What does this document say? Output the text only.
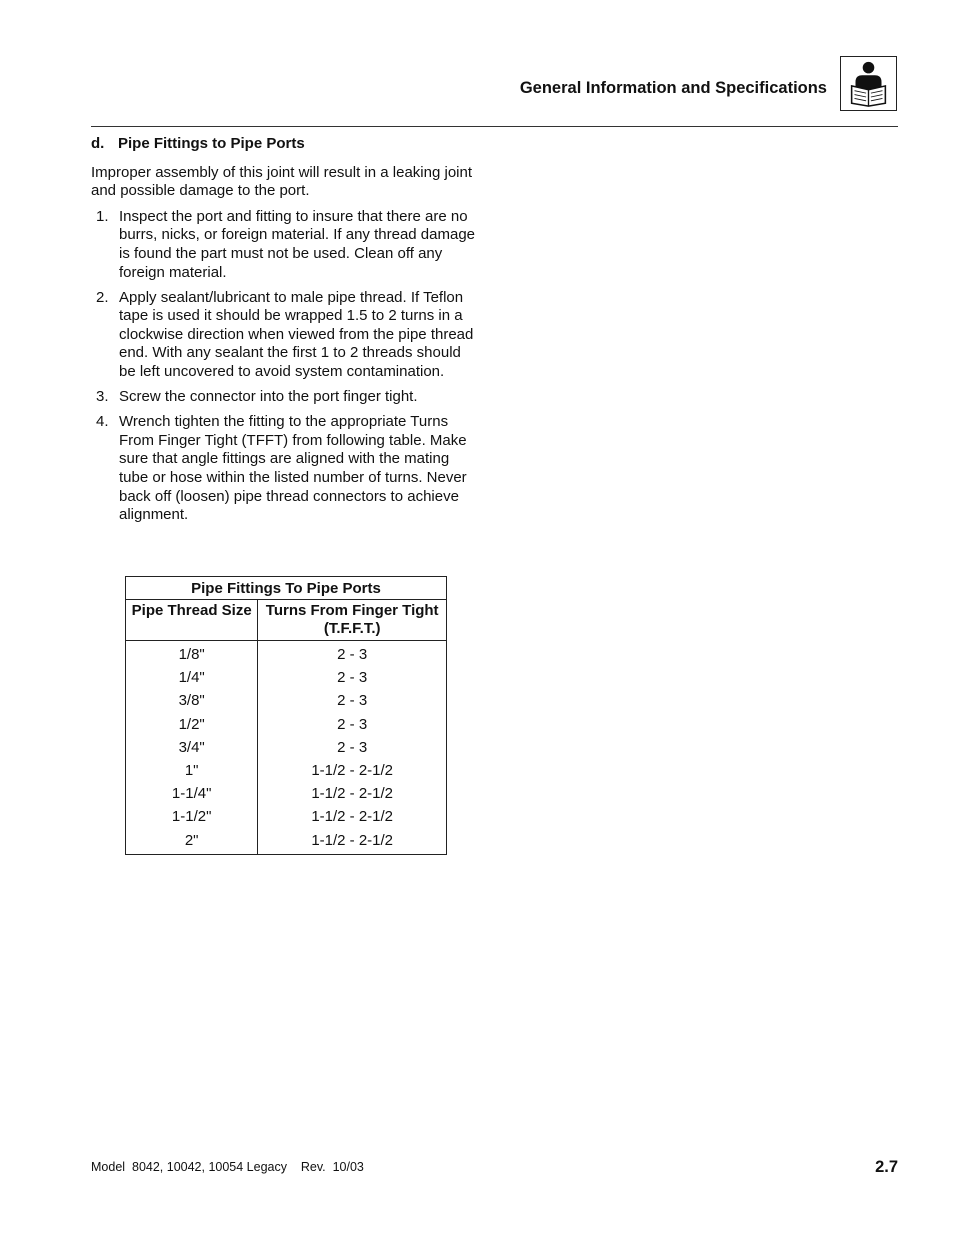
General Information and Specifications
d. Pipe Fittings to Pipe Ports

Improper assembly of this joint will result in a leaking joint and possible damage to the port.

1. Inspect the port and fitting to insure that there are no burrs, nicks, or foreign material. If any thread damage is found the part must not be used. Clean off any foreign material.
2. Apply sealant/lubricant to male pipe thread. If Teflon tape is used it should be wrapped 1.5 to 2 turns in a clockwise direction when viewed from the pipe thread end. With any sealant the first 1 to 2 threads should be left uncovered to avoid system contamination.
3. Screw the connector into the port finger tight.
4. Wrench tighten the fitting to the appropriate Turns From Finger Tight (TFFT) from following table. Make sure that angle fittings are aligned with the mating tube or hose within the listed number of turns. Never back off (loosen) pipe thread connectors to achieve alignment.
Pipe Fittings To Pipe Ports	
Pipe Thread Size	Turns From Finger Tight
(T.F.F.T.)
1/8"	2 - 3
1/4"	2 - 3
3/8"	2 - 3
1/2"	2 - 3
3/4"	2 - 3
1"	1-1/2 - 2-1/2
1-1/4"	1-1/2 - 2-1/2
1-1/2"	1-1/2 - 2-1/2
2"	1-1/2 - 2-1/2
Model  8042, 10042, 10054 Legacy    Rev.  10/03	2.7
